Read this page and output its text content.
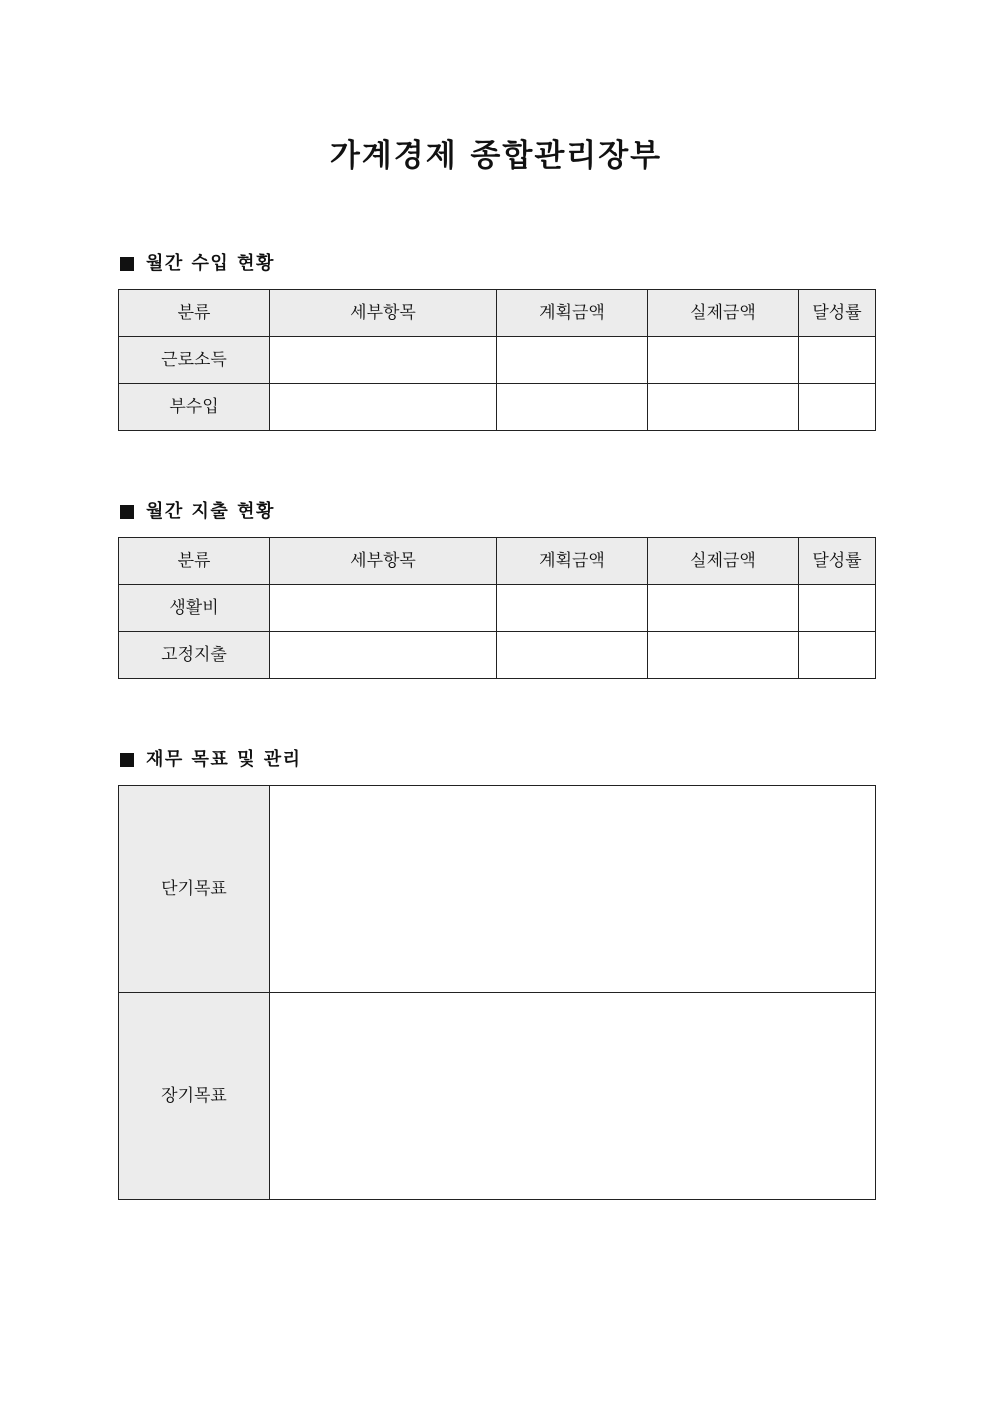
가계경제 종합관리장부
월간 수입 현황
분류	세부항목	계획금액	실제금액	달성률
근로소득				
부수입				
월간 지출 현황
분류	세부항목	계획금액	실제금액	달성률
생활비				
고정지출				
재무 목표 및 관리
단기목표	
장기목표	
